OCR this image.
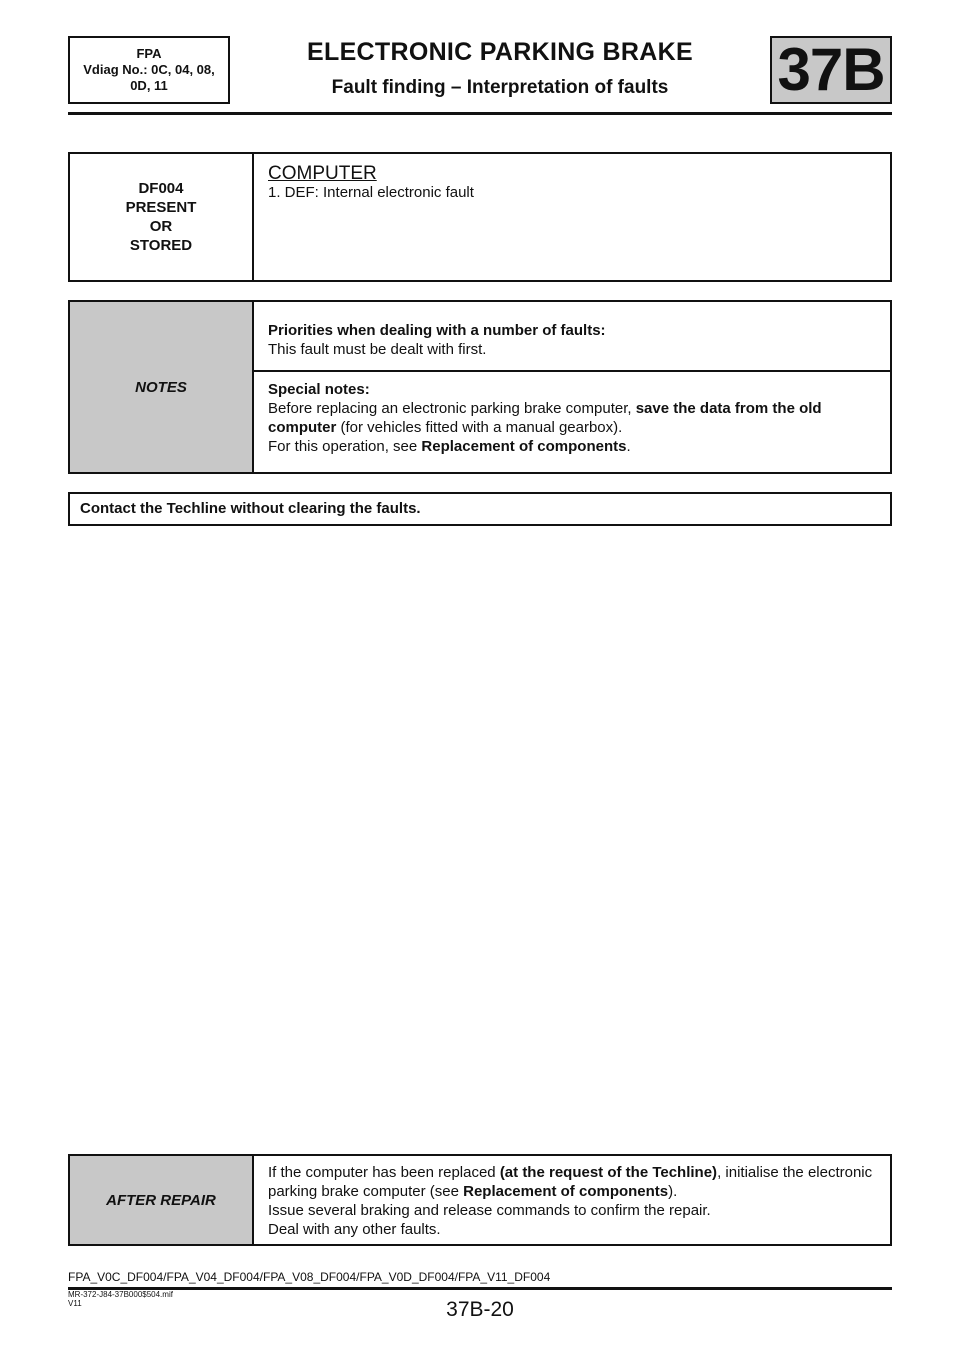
FPA
Vdiag No.: 0C, 04, 08,
0D, 11
ELECTRONIC PARKING BRAKE
Fault finding – Interpretation of faults	37B
DF004
PRESENT
OR
STORED
COMPUTER
1. DEF: Internal electronic fault
NOTES
Priorities when dealing with a number of faults:
This fault must be dealt with first.
Special notes:
Before replacing an electronic parking brake computer, save the data from the old computer (for vehicles fitted with a manual gearbox).
For this operation, see Replacement of components.
Contact the Techline without clearing the faults.
AFTER REPAIR
If the computer has been replaced (at the request of the Techline), initialise the electronic parking brake computer (see Replacement of components).
Issue several braking and release commands to confirm the repair.
Deal with any other faults.
FPA_V0C_DF004/FPA_V04_DF004/FPA_V08_DF004/FPA_V0D_DF004/FPA_V11_DF004
MR-372-J84-37B000$504.mif
V11	37B-20
